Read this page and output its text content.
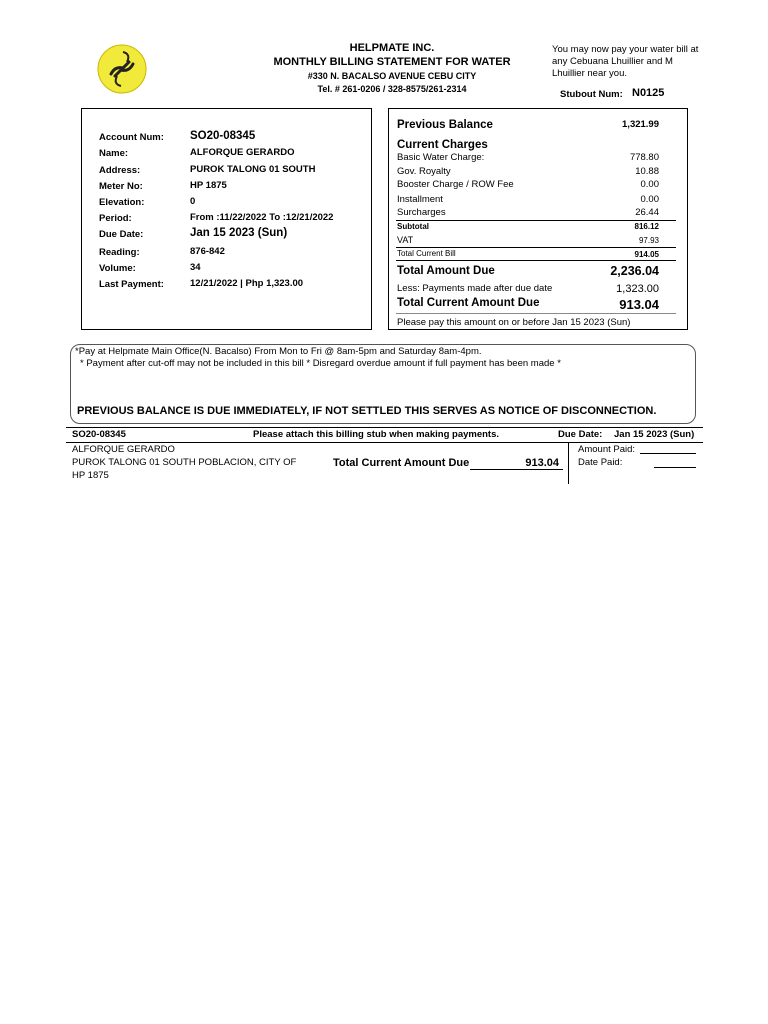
HELPMATE INC.
MONTHLY BILLING STATEMENT FOR WATER
#330 N. BACALSO AVENUE CEBU CITY
Tel. # 261-0206 / 328-8575/261-2314
You may now pay your water bill at any Cebuana Lhuillier and M Lhuillier near you.
Stubout Num: N0125
Account Num: SO20-08345
Name:	ALFORQUE GERARDO
Address:	PUROK TALONG 01 SOUTH
Meter No:	HP 1875
Elevation:	0
Period:	From :11/22/2022 To :12/21/2022
Due Date:	Jan 15 2023 (Sun)
Reading:	876-842
Volume:	34
Last Payment:	12/21/2022 | Php 1,323.00
Previous Balance	1,321.99
Current Charges
Basic Water Charge:	778.80
Gov. Royalty	10.88
Booster Charge / ROW Fee	0.00
Installment	0.00
Surcharges	26.44
Subtotal	816.12
VAT	97.93
Total Current Bill	914.05
Total Amount Due	2,236.04
Less: Payments made after due date	1,323.00
Total Current Amount Due	913.04
Please pay this amount on or before Jan 15 2023 (Sun)
*Pay at Helpmate Main Office(N. Bacalso) From Mon to Fri @ 8am-5pm and Saturday 8am-4pm.
* Payment after cut-off may not be included in this bill * Disregard overdue amount if full payment has been made *
PREVIOUS BALANCE IS DUE IMMEDIATELY, IF NOT SETTLED THIS SERVES AS NOTICE OF DISCONNECTION.
SO20-08345	Please attach this billing stub when making payments.	Due Date: Jan 15 2023 (Sun)
ALFORQUE GERARDO
PUROK TALONG 01 SOUTH POBLACION, CITY OF
HP 1875
Total Current Amount Due	913.04
Amount Paid:
Date Paid:
